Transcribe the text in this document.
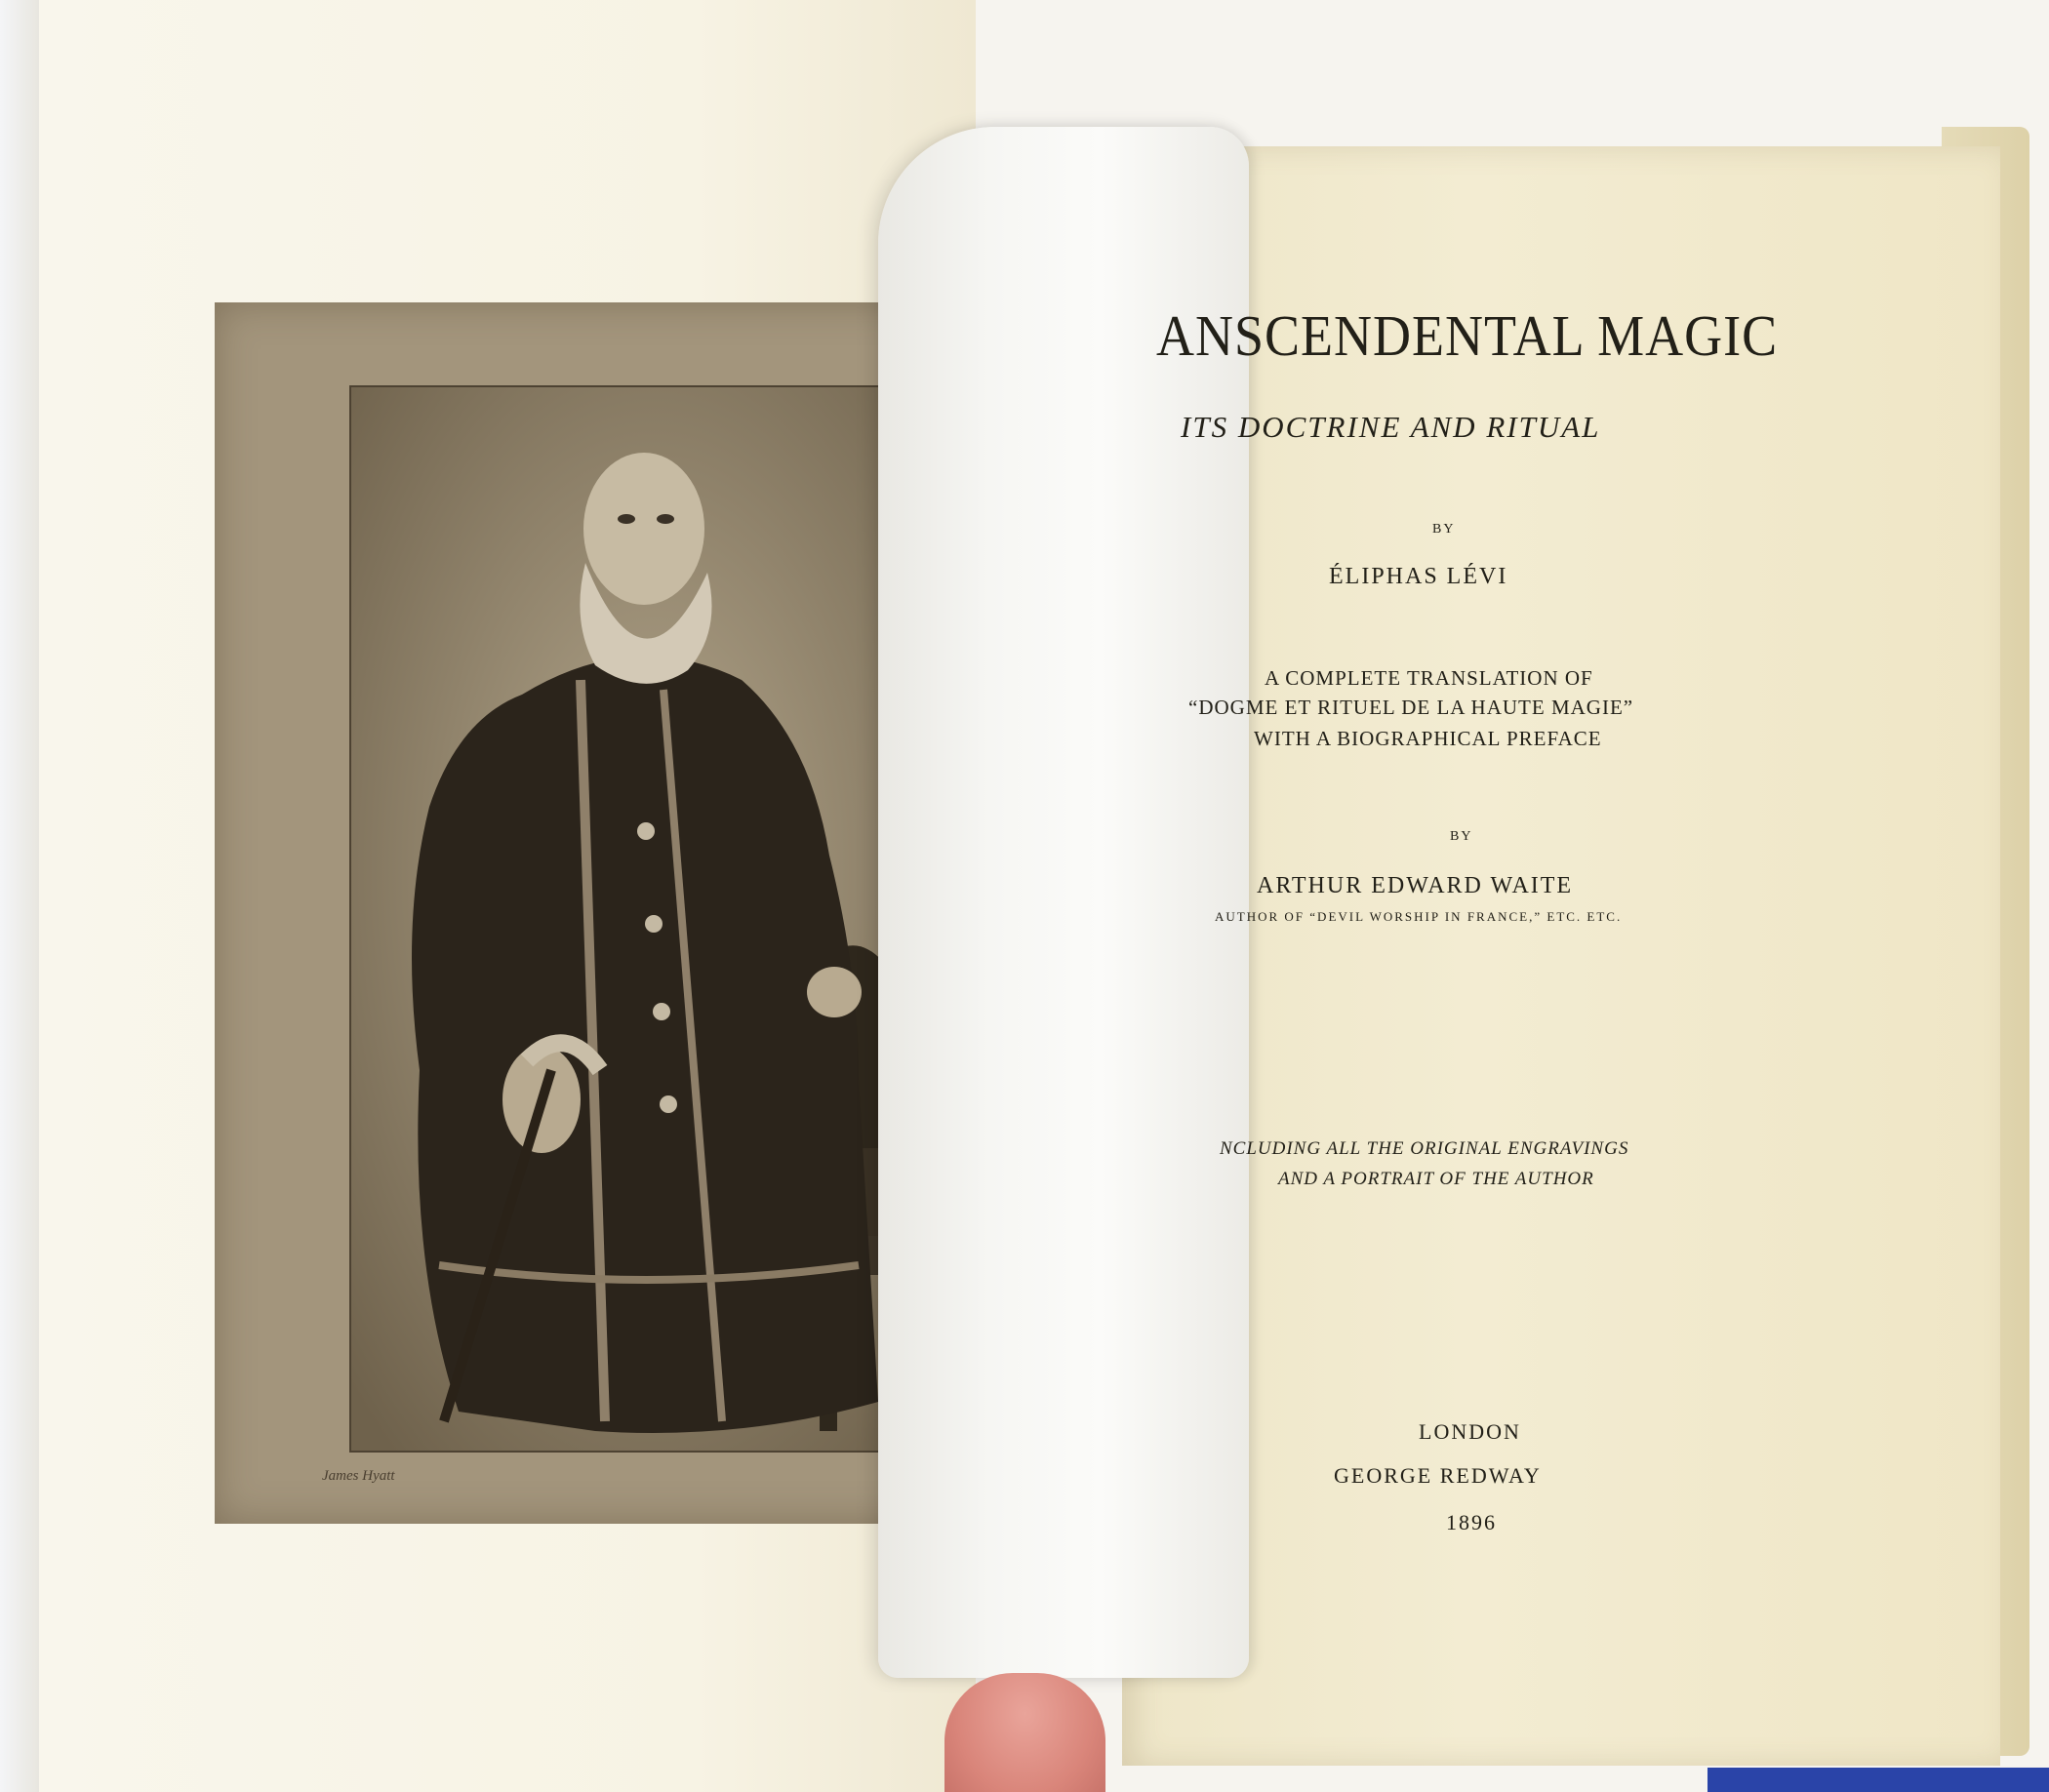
James Hyatt
ANSCENDENTAL MAGIC
ITS DOCTRINE AND RITUAL
BY
ÉLIPHAS LÉVI
A COMPLETE TRANSLATION OF
“DOGME ET RITUEL DE LA HAUTE MAGIE”
WITH A BIOGRAPHICAL PREFACE
BY
ARTHUR EDWARD WAITE
AUTHOR OF “DEVIL WORSHIP IN FRANCE,” ETC. ETC.
NCLUDING ALL THE ORIGINAL ENGRAVINGS
AND A PORTRAIT OF THE AUTHOR
LONDON
GEORGE REDWAY
1896
